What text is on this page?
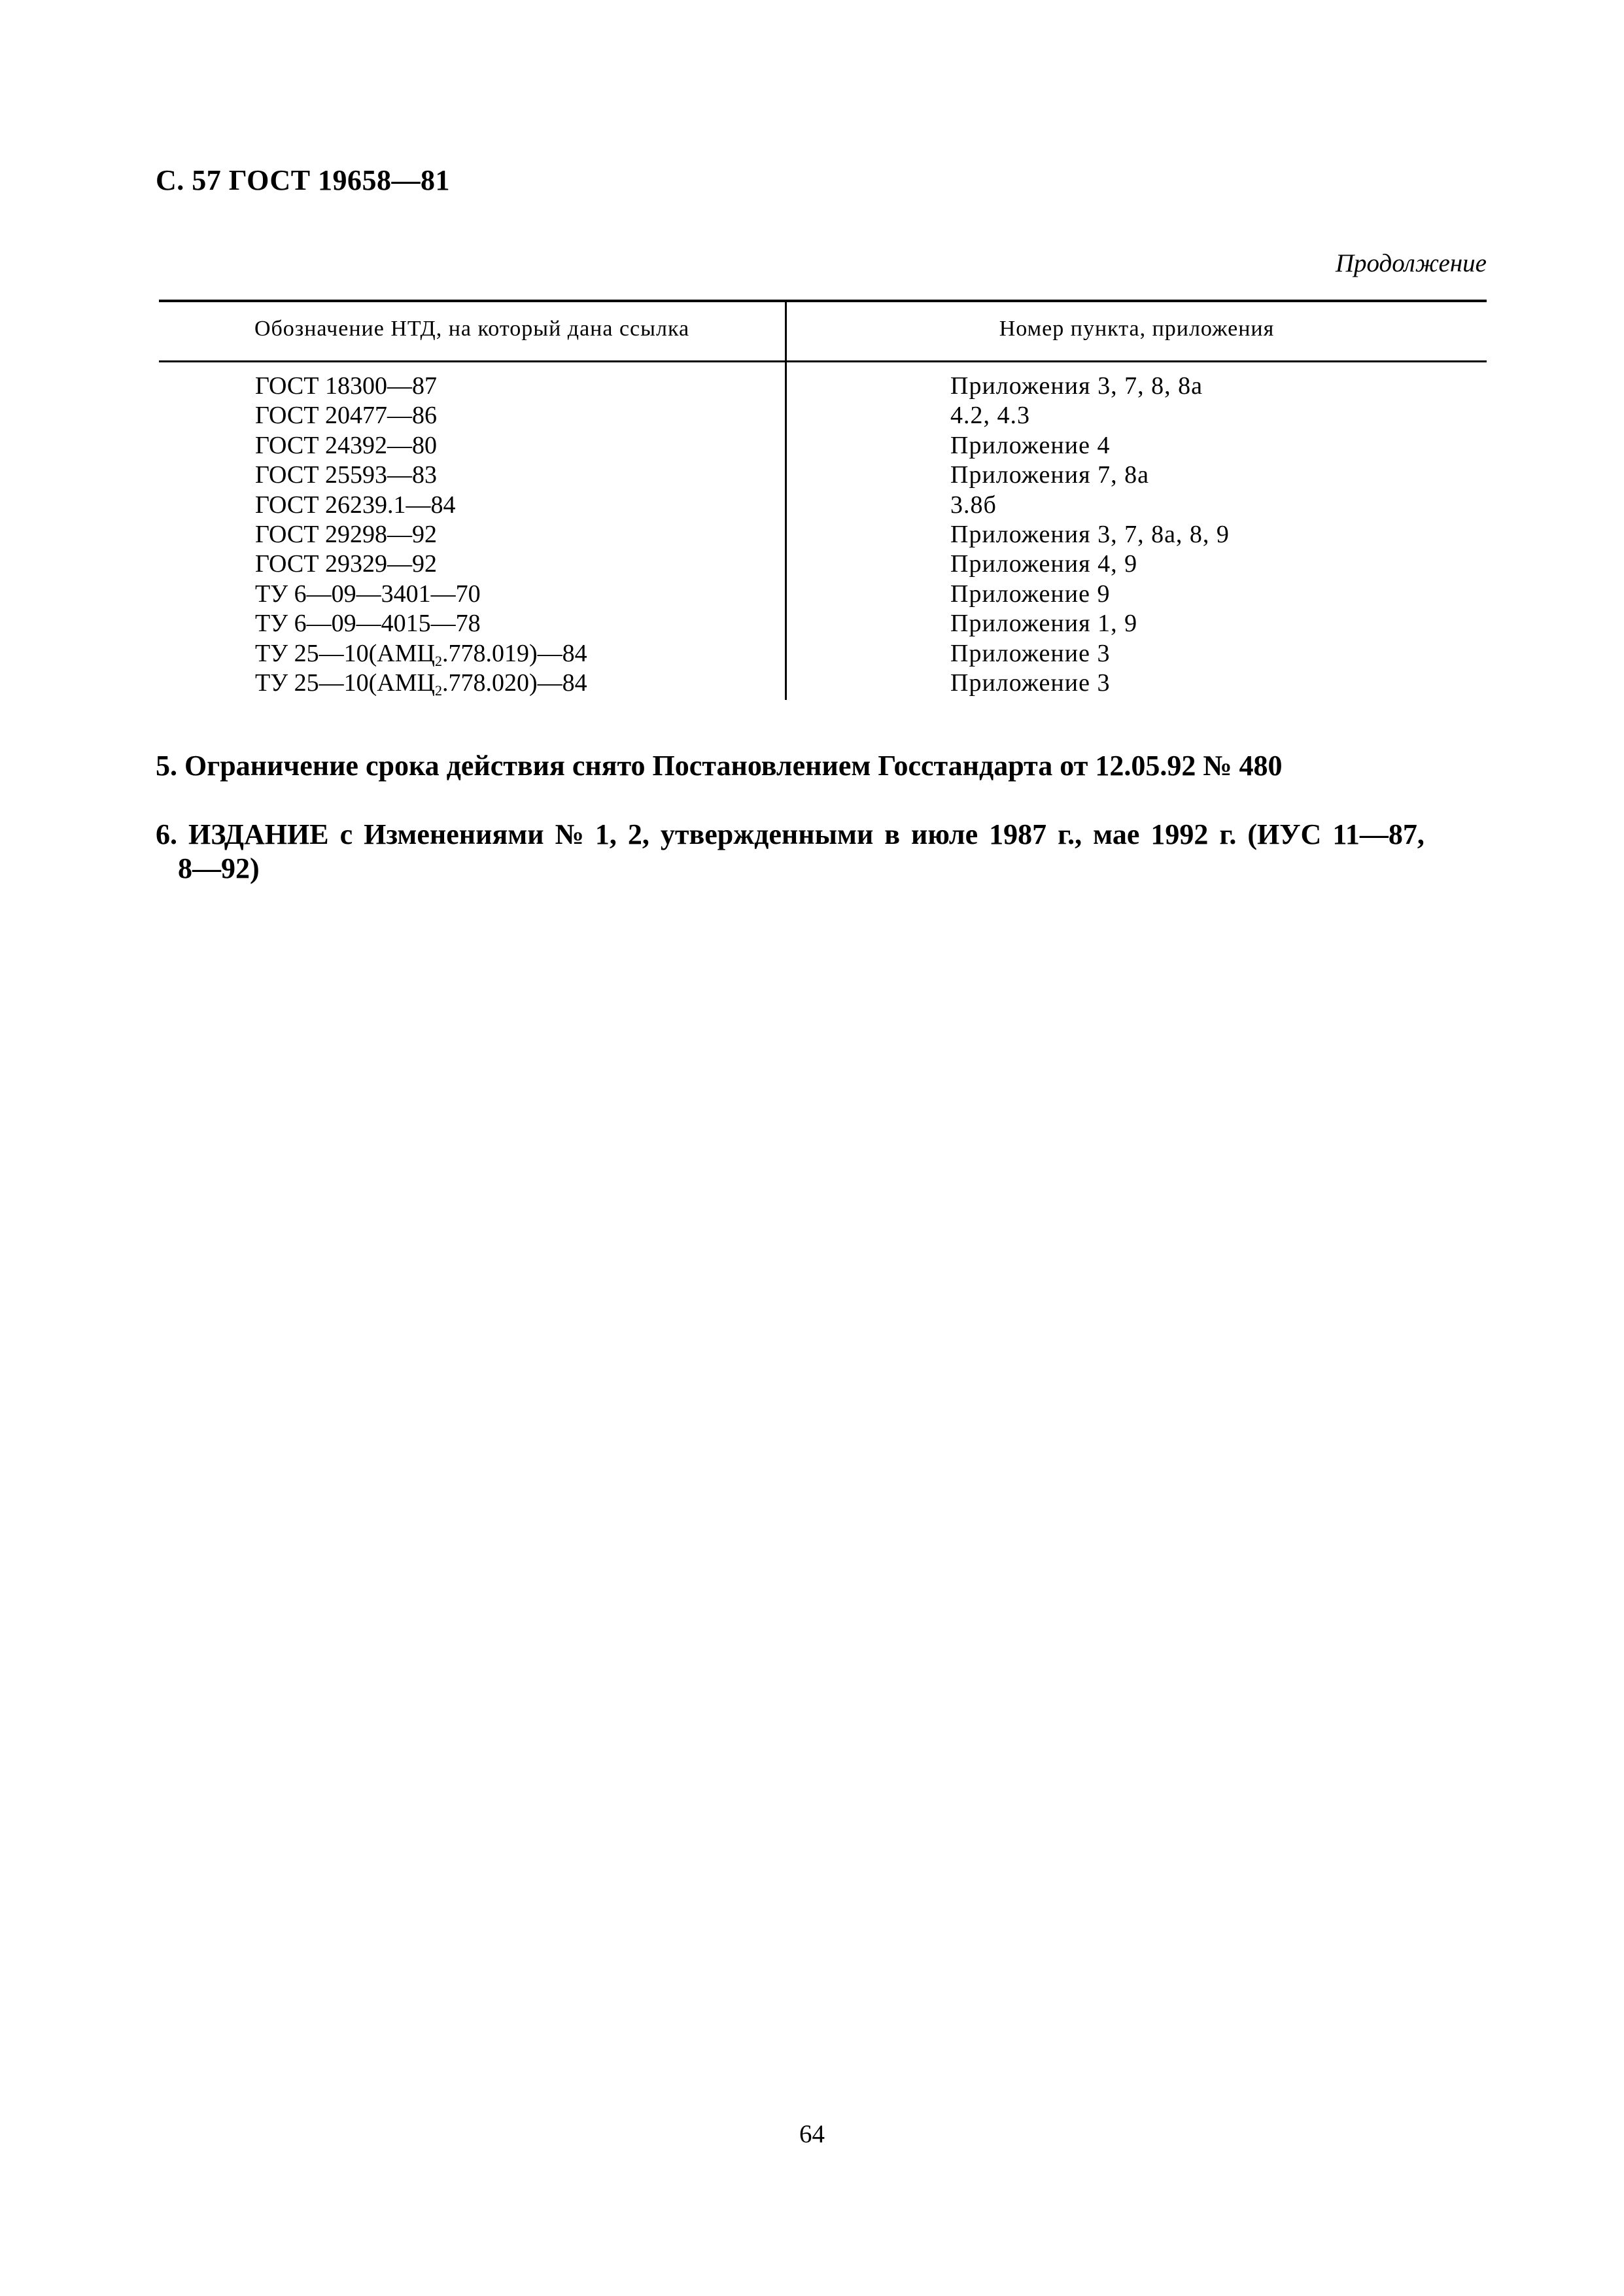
С. 57 ГОСТ 19658—81
Продолжение
Обозначение НТД, на который дана ссылка	Номер пункта, приложения
ГОСТ 18300—87	Приложения 3, 7, 8, 8а
ГОСТ 20477—86	4.2, 4.3
ГОСТ 24392—80	Приложение 4
ГОСТ 25593—83	Приложения 7, 8а
ГОСТ 26239.1—84	3.8б
ГОСТ 29298—92	Приложения 3, 7, 8а, 8, 9
ГОСТ 29329—92	Приложения 4, 9
ТУ 6—09—3401—70	Приложение 9
ТУ 6—09—4015—78	Приложения 1, 9
ТУ $25—10(АМЦ_2.778.019)—84$	Приложение 3
ТУ $25—10(АМЦ_2.778.020)—84$	Приложение 3
5. Ограничение срока действия снято Постановлением Госстандарта от 12.05.92 № 480
6. ИЗДАНИЕ с Изменениями № 1, 2, утвержденными в июле 1987 г., мае 1992 г. (ИУС 11—87,
8—92)
64
